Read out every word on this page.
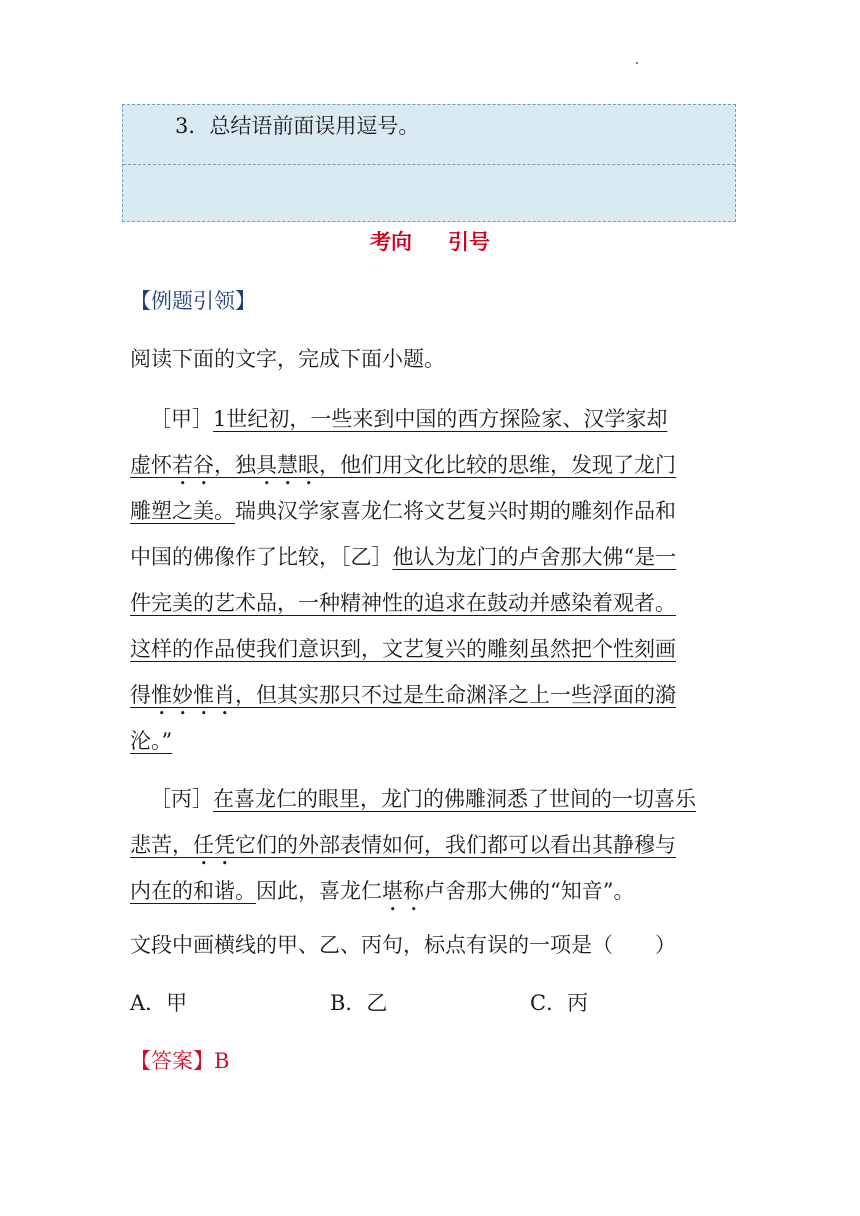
3．总结语前面误用逗号。
考向 引号
【例题引领】
阅读下面的文字，完成下面小题。
［甲］1世纪初，一些来到中国的西方探险家、汉学家却
虚怀若谷，独具慧眼，他们用文化比较的思维，发现了龙门
雕塑之美。瑞典汉学家喜龙仁将文艺复兴时期的雕刻作品和
中国的佛像作了比较，［乙］他认为龙门的卢舍那大佛“是一
件完美的艺术品，一种精神性的追求在鼓动并感染着观者。
这样的作品使我们意识到，文艺复兴的雕刻虽然把个性刻画
得惟妙惟肖，但其实那只不过是生命渊泽之上一些浮面的漪
沦。”
［丙］在喜龙仁的眼里，龙门的佛雕洞悉了世间的一切喜乐
悲苦，任凭它们的外部表情如何，我们都可以看出其静穆与
内在的和谐。因此，喜龙仁堪称卢舍那大佛的“知音”。
文段中画横线的甲、乙、丙句，标点有误的一项是（　　）
A．甲	B．乙	C．丙
【答案】B
